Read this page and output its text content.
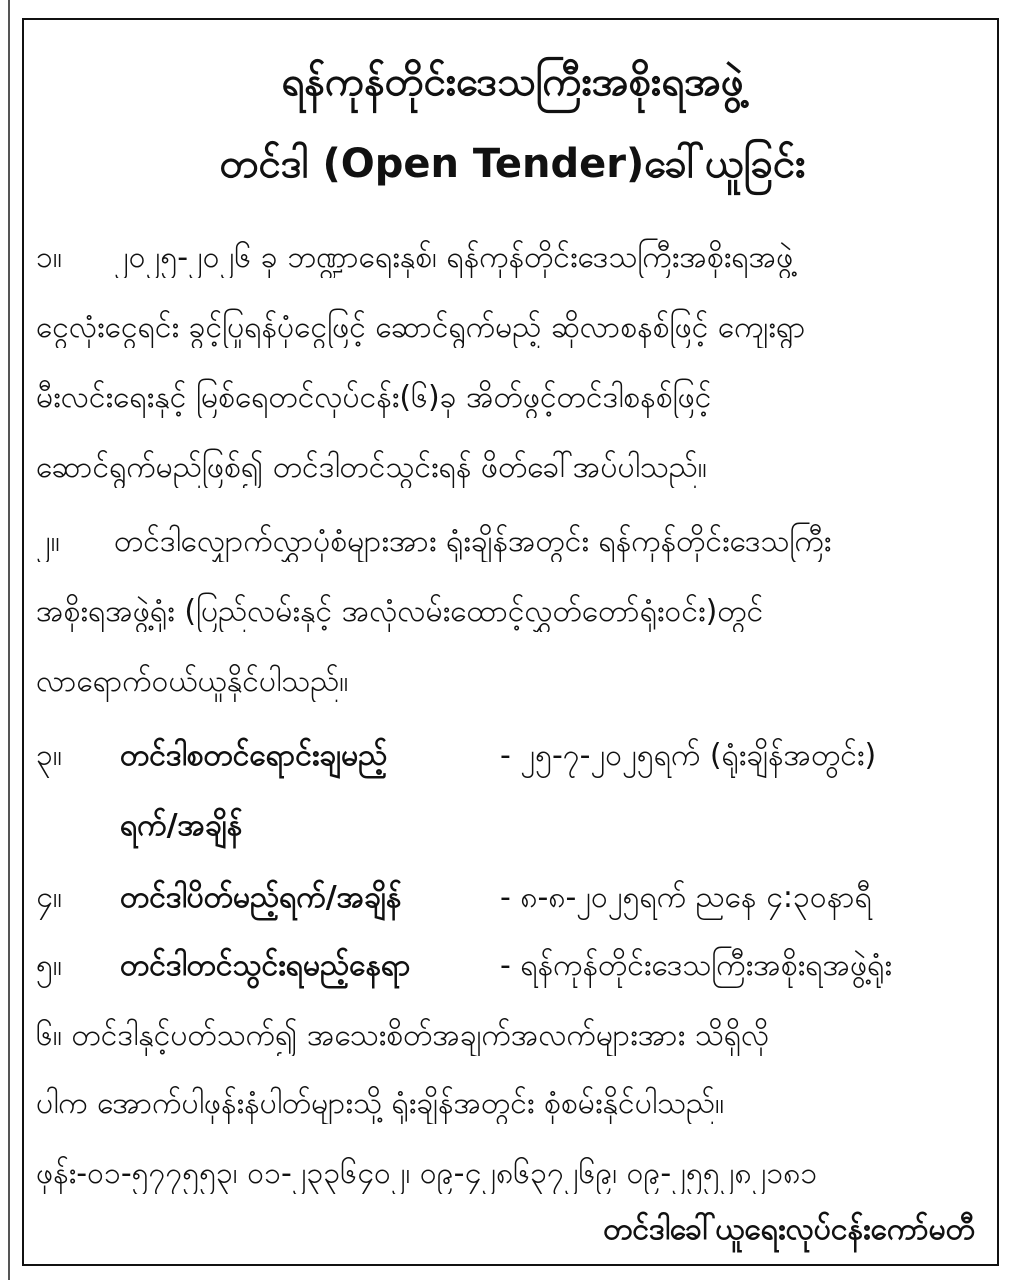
ရန်ကုန်တိုင်းဒေသကြီးအစိုးရအဖွဲ့
တင်ဒါ (Open Tender)ခေါ်ယူခြင်း
၁။ ၂၀၂၅-၂၀၂၆ ခု ဘဏ္ဍာရေးနှစ်၊ ရန်ကုန်တိုင်းဒေသကြီးအစိုးရအဖွဲ့
ငွေလုံးငွေရင်း ခွင့်ပြုရန်ပုံငွေဖြင့် ဆောင်ရွက်မည့် ဆိုလာစနစ်ဖြင့် ကျေးရွာ
မီးလင်းရေးနှင့် မြစ်ရေတင်လုပ်ငန်း(၆)ခု အိတ်ဖွင့်တင်ဒါစနစ်ဖြင့်
ဆောင်ရွက်မည်ဖြစ်၍ တင်ဒါတင်သွင်းရန် ဖိတ်ခေါ်အပ်ပါသည်။
၂။ တင်ဒါလျှောက်လွှာပုံစံများအား ရုံးချိန်အတွင်း ရန်ကုန်တိုင်းဒေသကြီး
အစိုးရအဖွဲ့ရုံး (ပြည်လမ်းနှင့် အလုံလမ်းထောင့်လွှတ်တော်ရုံးဝင်း)တွင်
လာရောက်ဝယ်ယူနိုင်ပါသည်။
၃။ တင်ဒါစတင်ရောင်းချမည့်	- ၂၅-၇-၂၀၂၅ရက် (ရုံးချိန်အတွင်း)
ရက်/အချိန်
၄။ တင်ဒါပိတ်မည့်ရက်/အချိန်	- ၈-၈-၂၀၂၅ရက် ညနေ ၄:၃၀နာရီ
၅။ တင်ဒါတင်သွင်းရမည့်နေရာ	- ရန်ကုန်တိုင်းဒေသကြီးအစိုးရအဖွဲ့ရုံး
၆။ တင်ဒါနှင့်ပတ်သက်၍ အသေးစိတ်အချက်အလက်များအား သိရှိလို
ပါက အောက်ပါဖုန်းနံပါတ်များသို့ ရုံးချိန်အတွင်း စုံစမ်းနိုင်ပါသည်။
ဖုန်း-၀၁-၅၇၇၅၅၃၊ ၀၁-၂၃၃၆၄၀၂၊ ၀၉-၄၂၈၆၃၇၂၆၉၊ ၀၉-၂၅၅၂၈၂၁၈၁
တင်ဒါခေါ်ယူရေးလုပ်ငန်းကော်မတီ
